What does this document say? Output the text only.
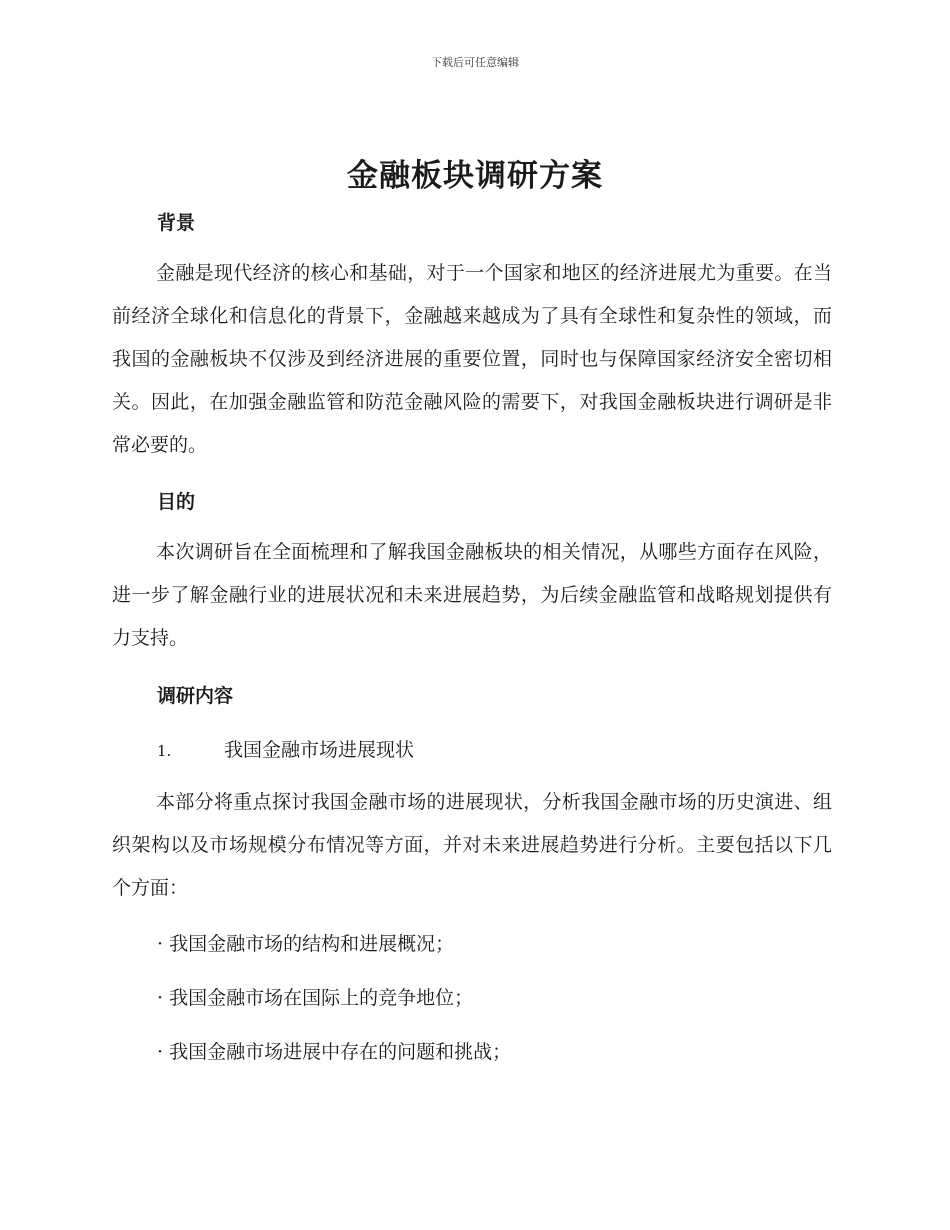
下载后可任意编辑
金融板块调研方案
背景

金融是现代经济的核心和基础，对于一个国家和地区的经济进展尤为重要。在当前经济全球化和信息化的背景下，金融越来越成为了具有全球性和复杂性的领域，而我国的金融板块不仅涉及到经济进展的重要位置，同时也与保障国家经济安全密切相关。因此，在加强金融监管和防范金融风险的需要下，对我国金融板块进行调研是非常必要的。

目的

本次调研旨在全面梳理和了解我国金融板块的相关情况，从哪些方面存在风险，进一步了解金融行业的进展状况和未来进展趋势，为后续金融监管和战略规划提供有力支持。

调研内容

1.	我国金融市场进展现状

本部分将重点探讨我国金融市场的进展现状，分析我国金融市场的历史演进、组织架构以及市场规模分布情况等方面，并对未来进展趋势进行分析。主要包括以下几个方面：

· 我国金融市场的结构和进展概况；

· 我国金融市场在国际上的竞争地位；

· 我国金融市场进展中存在的问题和挑战；
